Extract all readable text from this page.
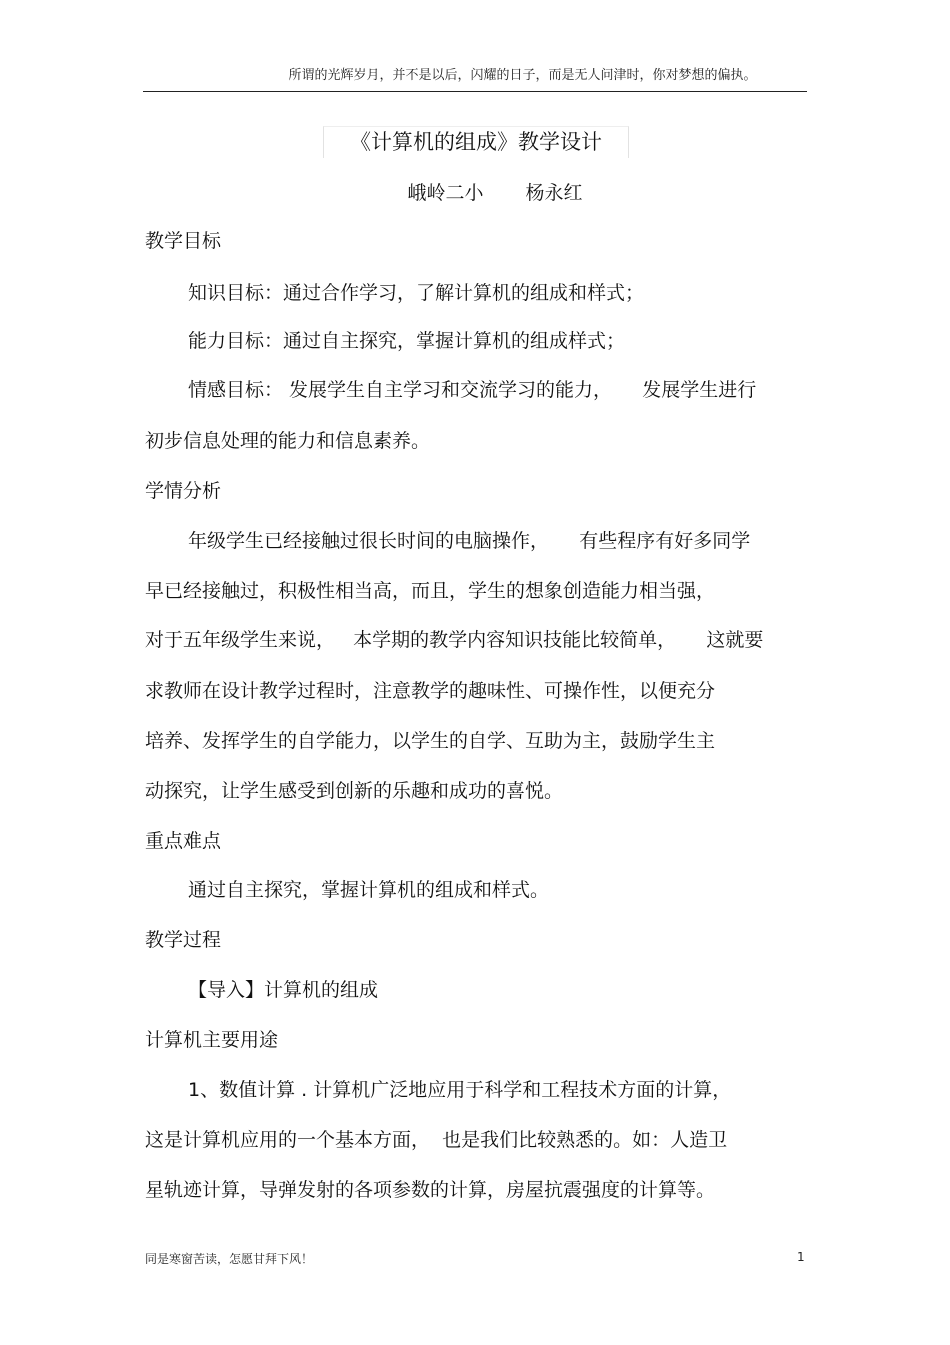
所谓的光辉岁月，并不是以后，闪耀的日子，而是无人问津时，你对梦想的偏执。
《计算机的组成》教学设计
峨岭二小 杨永红
教学目标
知识目标：通过合作学习，了解计算机的组成和样式；
能力目标：通过自主探究，掌握计算机的组成样式；
情感目标： 发展学生自主学习和交流学习的能力，     发展学生进行
初步信息处理的能力和信息素养。
学情分析
年级学生已经接触过很长时间的电脑操作，     有些程序有好多同学
早已经接触过，积极性相当高，而且，学生的想象创造能力相当强，
对于五年级学生来说，   本学期的教学内容知识技能比较简单，     这就要
求教师在设计教学过程时，注意教学的趣味性、可操作性，以便充分
培养、发挥学生的自学能力，以学生的自学、互助为主，鼓励学生主
动探究，让学生感受到创新的乐趣和成功的喜悦。
重点难点
通过自主探究，掌握计算机的组成和样式。
教学过程
【导入】计算机的组成
计算机主要用途
1、数值计算 . 计算机广泛地应用于科学和工程技术方面的计算，
这是计算机应用的一个基本方面，  也是我们比较熟悉的。如：人造卫
星轨迹计算，导弹发射的各项参数的计算，房屋抗震强度的计算等。
同是寒窗苦读，怎愿甘拜下风！	1
